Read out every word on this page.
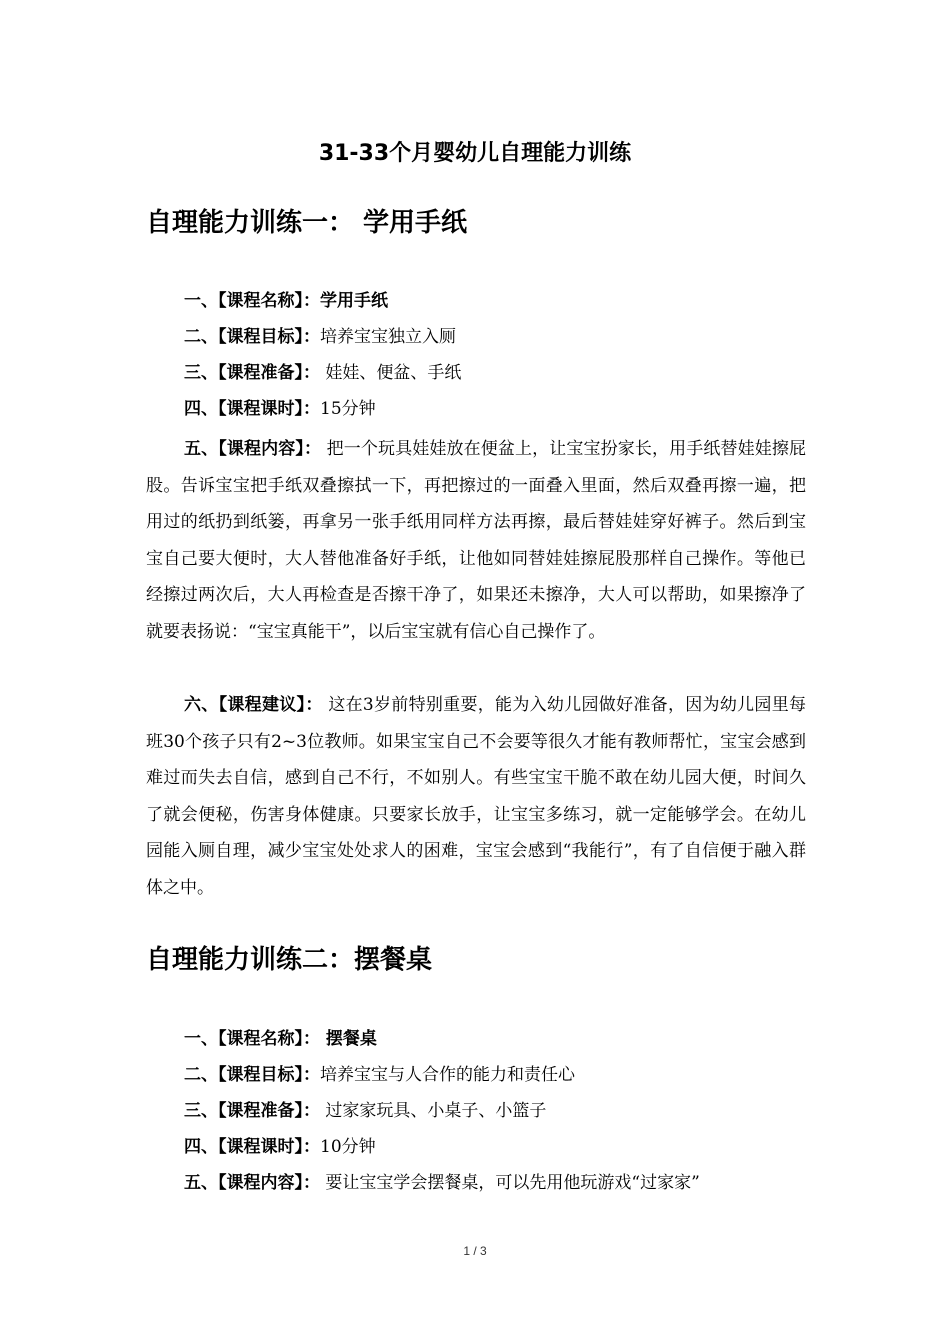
31-33个月婴幼儿自理能力训练
自理能力训练一： 学用手纸
一、【课程名称】：学用手纸
二、【课程目标】：培养宝宝独立入厕
三、【课程准备】： 娃娃、便盆、手纸
四、【课程课时】：15分钟

五、【课程内容】： 把一个玩具娃娃放在便盆上，让宝宝扮家长，用手纸替娃娃擦屁股。告诉宝宝把手纸双叠擦拭一下，再把擦过的一面叠入里面，然后双叠再擦一遍，把用过的纸扔到纸篓，再拿另一张手纸用同样方法再擦，最后替娃娃穿好裤子。然后到宝宝自己要大便时，大人替他准备好手纸，让他如同替娃娃擦屁股那样自己操作。等他已经擦过两次后，大人再检查是否擦干净了，如果还未擦净，大人可以帮助，如果擦净了就要表扬说：“宝宝真能干”，以后宝宝就有信心自己操作了。

六、【课程建议】： 这在3岁前特别重要，能为入幼儿园做好准备，因为幼儿园里每班30个孩子只有2~3位教师。如果宝宝自己不会要等很久才能有教师帮忙，宝宝会感到难过而失去自信，感到自己不行，不如别人。有些宝宝干脆不敢在幼儿园大便，时间久了就会便秘，伤害身体健康。只要家长放手，让宝宝多练习，就一定能够学会。在幼儿园能入厕自理，减少宝宝处处求人的困难，宝宝会感到“我能行”，有了自信便于融入群体之中。

自理能力训练二：摆餐桌
一、【课程名称】： 摆餐桌
二、【课程目标】：培养宝宝与人合作的能力和责任心
三、【课程准备】： 过家家玩具、小桌子、小篮子
四、【课程课时】：10分钟
五、【课程内容】： 要让宝宝学会摆餐桌，可以先用他玩游戏“过家家”
1 / 3
